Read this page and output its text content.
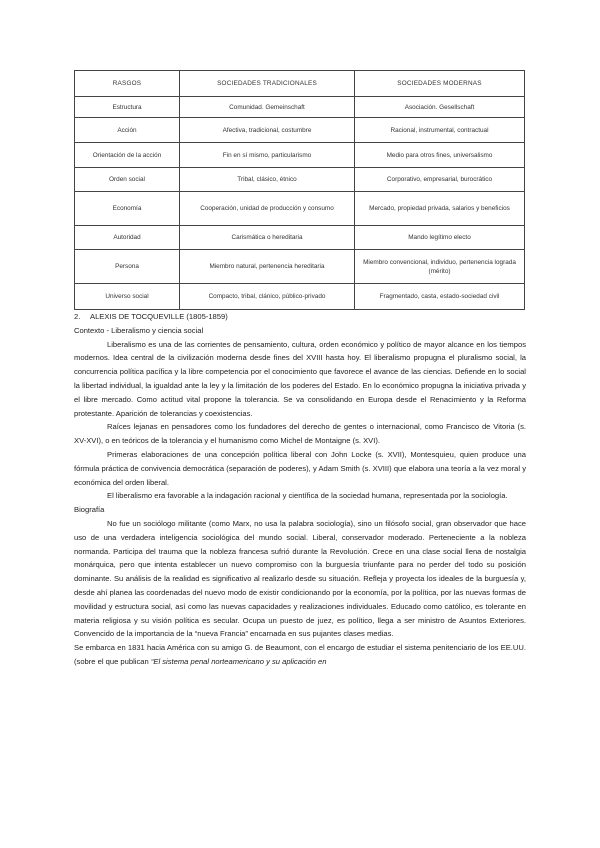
RASGOS	SOCIEDADES TRADICIONALES	SOCIEDADES MODERNAS
Estructura	Comunidad. Gemeinschaft	Asociación. Gesellschaft
Acción	Afectiva, tradicional, costumbre	Racional, instrumental, contractual
Orientación de la acción	Fin en sí mismo, particularismo	Medio para otros fines, universalismo
Orden social	Tribal, clásico, étnico	Corporativo, empresarial, burocrático
Economía	Cooperación, unidad de producción y consumo	Mercado, propiedad privada, salarios y beneficios
Autoridad	Carismática o hereditaria	Mando legítimo electo
Persona	Miembro natural, pertenencia hereditaria	Miembro convencional, individuo, pertenencia lograda (mérito)
Universo social	Compacto, tribal, clánico, público-privado	Fragmentado, casta, estado-sociedad civil

2. ALEXIS DE TOCQUEVILLE (1805-1859)

Contexto - Liberalismo y ciencia social

Liberalismo es una de las corrientes de pensamiento, cultura, orden económico y político de mayor alcance en los tiempos modernos. Idea central de la civilización moderna desde fines del XVIII hasta hoy. El liberalismo propugna el pluralismo social, la concurrencia política pacífica y la libre competencia por el conocimiento que favorece el avance de las ciencias. Defiende en lo social la libertad individual, la igualdad ante la ley y la limitación de los poderes del Estado. En lo económico propugna la iniciativa privada y el libre mercado. Como actitud vital propone la tolerancia. Se va consolidando en Europa desde el Renacimiento y la Reforma protestante. Aparición de tolerancias y coexistencias.

Raíces lejanas en pensadores como los fundadores del derecho de gentes o internacional, como Francisco de Vitoria (s. XV-XVI), o en teóricos de la tolerancia y el humanismo como Michel de Montaigne (s. XVI).

Primeras elaboraciones de una concepción política liberal con John Locke (s. XVII), Montesquieu, quien produce una fórmula práctica de convivencia democrática (separación de poderes), y Adam Smith (s. XVIII) que elabora una teoría a la vez moral y económica del orden liberal.

El liberalismo era favorable a la indagación racional y científica de la sociedad humana, representada por la sociología.

Biografía

No fue un sociólogo militante (como Marx, no usa la palabra sociología), sino un filósofo social, gran observador que hace uso de una verdadera inteligencia sociológica del mundo social. Liberal, conservador moderado. Perteneciente a la nobleza normanda. Participa del trauma que la nobleza francesa sufrió durante la Revolución. Crece en una clase social llena de nostalgia monárquica, pero que intenta establecer un nuevo compromiso con la burguesía triunfante para no perder del todo su posición dominante. Su análisis de la realidad es significativo al realizarlo desde su situación. Refleja y proyecta los ideales de la burguesía y, desde ahí planea las coordenadas del nuevo modo de existir condicionando por la economía, por la política, por las nuevas formas de movilidad y estructura social, así como las nuevas capacidades y realizaciones individuales. Educado como católico, es tolerante en materia religiosa y su visión política es secular. Ocupa un puesto de juez, es político, llega a ser ministro de Asuntos Exteriores. Convencido de la importancia de la “nueva Francia” encarnada en sus pujantes clases medias.

Se embarca en 1831 hacia América con su amigo G. de Beaumont, con el encargo de estudiar el sistema penitenciario de los EE.UU. (sobre el que publican “El sistema penal norteamericano y su aplicación en
